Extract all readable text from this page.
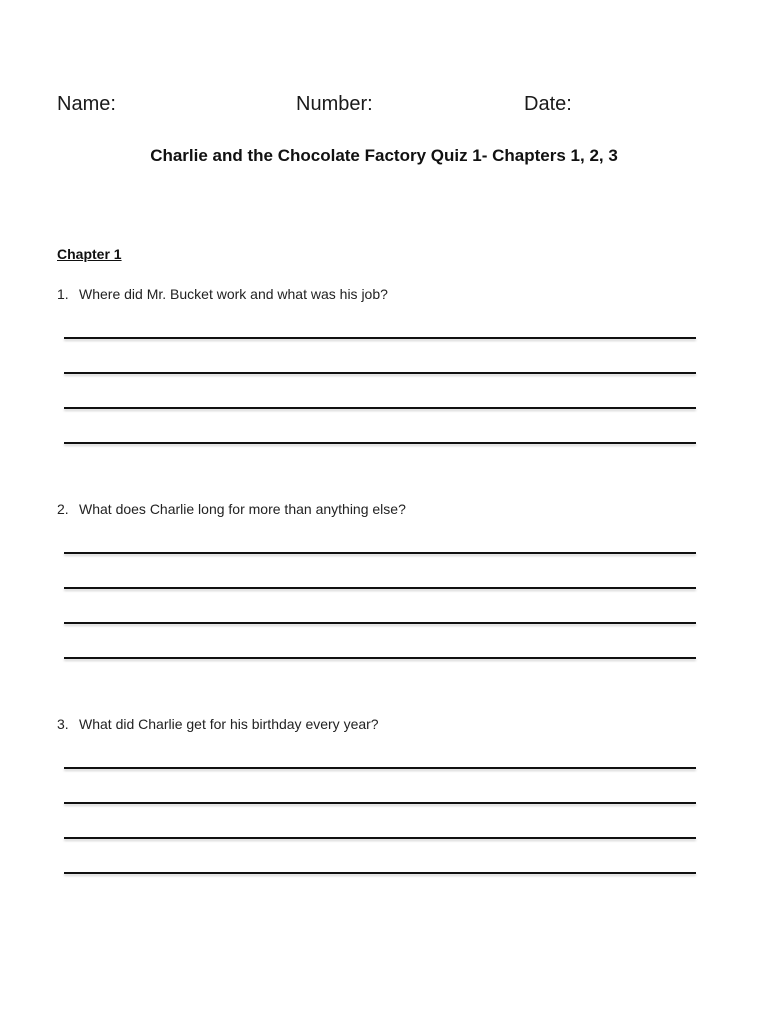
Name:	Number:	Date:
Charlie and the Chocolate Factory Quiz 1- Chapters 1, 2, 3
Chapter 1
1. Where did Mr. Bucket work and what was his job?
2. What does Charlie long for more than anything else?
3. What did Charlie get for his birthday every year?
